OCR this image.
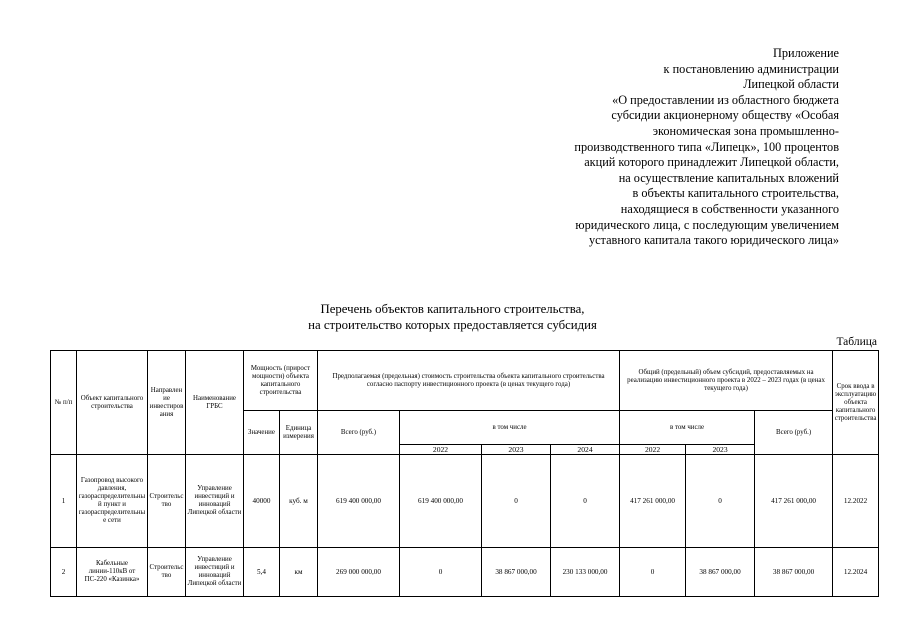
Приложение
к постановлению администрации
Липецкой области
«О предоставлении из областного бюджета
субсидии акционерному обществу «Особая
экономическая зона промышленно-
производственного типа «Липецк», 100 процентов
акций которого принадлежит Липецкой области,
на осуществление капитальных вложений
в объекты капитального строительства,
находящиеся в собственности указанного
юридического лица, с последующим увеличением
уставного капитала такого юридического лица»
Перечень объектов капитального строительства,
на строительство которых предоставляется субсидия
Таблица
№ п/п	Объект капитального строительства	Направление инвестирования	Наименование ГРБС	Мощность (прирост мощности) объекта капитального строительства		Предполагаемая (предельная) стоимость строительства объекта капитального строительства согласно паспорту инвестиционного проекта (в ценах текущего года)				Общий (предельный) объем субсидий, предоставляемых на реализацию инвестиционного проекта в 2022 – 2023 годах (в ценах текущего года)			Срок ввода в эксплуатацию объекта капитального строительства
				Значение	Единица измерения	Всего (руб.)	в том числе			в том числе		Всего (руб.)	
							2022	2023	2024	2022	2023		
1	Газопровод высокого давления, газораспределительный пункт и газораспределительные сети	Строительство	Управление инвестиций и инноваций Липецкой области	40000	куб. м	619 400 000,00	619 400 000,00	0	0	417 261 000,00	0	417 261 000,00	12.2022
2	Кабельные линии-110кВ от ПС-220 «Казинка»	Строительство	Управление инвестиций и инноваций Липецкой области	5,4	км	269 000 000,00	0	38 867 000,00	230 133 000,00	0	38 867 000,00	38 867 000,00	12.2024
